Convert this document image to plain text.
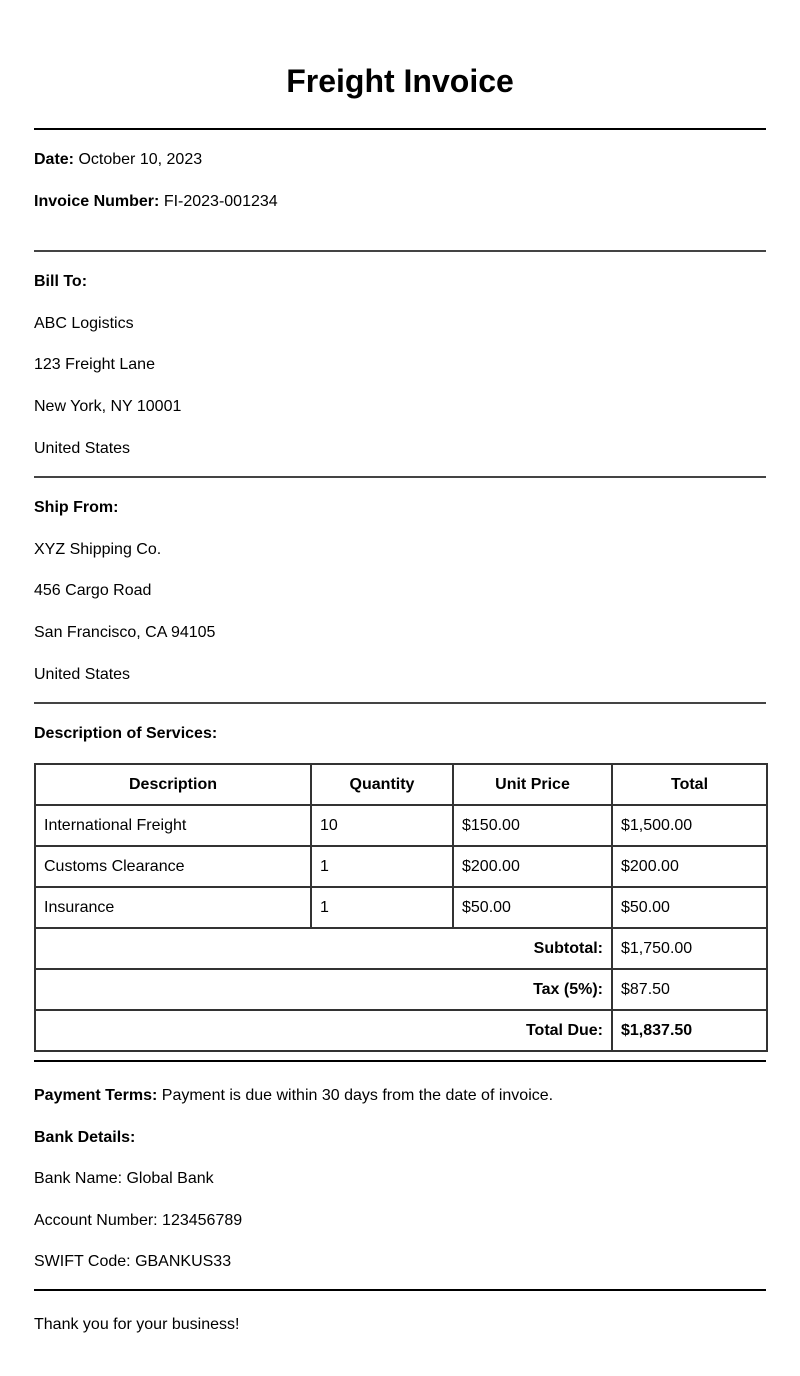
Freight Invoice

Date: October 10, 2023

Invoice Number: FI-2023-001234

Bill To:

ABC Logistics

123 Freight Lane

New York, NY 10001

United States

Ship From:

XYZ Shipping Co.

456 Cargo Road

San Francisco, CA 94105

United States

Description of Services:

Description	Quantity	Unit Price	Total
International Freight	10	$150.00	$1,500.00
Customs Clearance	1	$200.00	$200.00
Insurance	1	$50.00	$50.00
Subtotal:			$1,750.00
Tax (5%):			$87.50
Total Due:			$1,837.50

Payment Terms: Payment is due within 30 days from the date of invoice.

Bank Details:

Bank Name: Global Bank

Account Number: 123456789

SWIFT Code: GBANKUS33

Thank you for your business!
